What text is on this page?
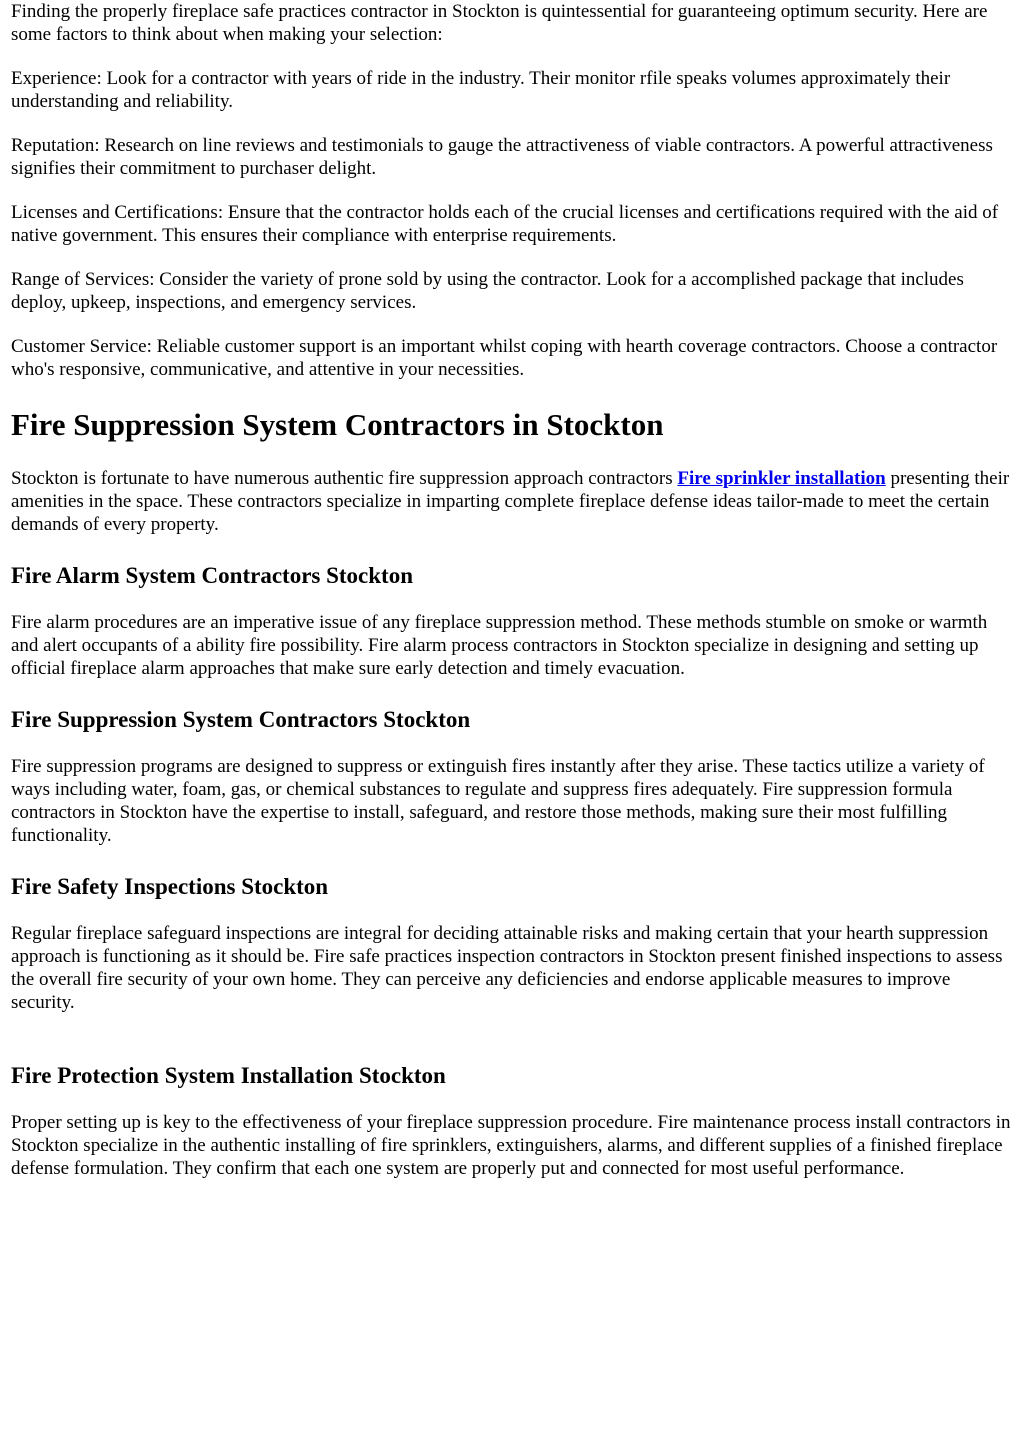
Finding the properly fireplace safe practices contractor in Stockton is quintessential for guaranteeing optimum security. Here are some factors to think about when making your selection:

Experience: Look for a contractor with years of ride in the industry. Their monitor rfile speaks volumes approximately their understanding and reliability.

Reputation: Research on line reviews and testimonials to gauge the attractiveness of viable contractors. A powerful attractiveness signifies their commitment to purchaser delight.

Licenses and Certifications: Ensure that the contractor holds each of the crucial licenses and certifications required with the aid of native government. This ensures their compliance with enterprise requirements.

Range of Services: Consider the variety of prone sold by using the contractor. Look for a accomplished package that includes deploy, upkeep, inspections, and emergency services.

Customer Service: Reliable customer support is an important whilst coping with hearth coverage contractors. Choose a contractor who's responsive, communicative, and attentive in your necessities.

Fire Suppression System Contractors in Stockton

Stockton is fortunate to have numerous authentic fire suppression approach contractors Fire sprinkler installation presenting their amenities in the space. These contractors specialize in imparting complete fireplace defense ideas tailor-made to meet the certain demands of every property.

Fire Alarm System Contractors Stockton

Fire alarm procedures are an imperative issue of any fireplace suppression method. These methods stumble on smoke or warmth and alert occupants of a ability fire possibility. Fire alarm process contractors in Stockton specialize in designing and setting up official fireplace alarm approaches that make sure early detection and timely evacuation.

Fire Suppression System Contractors Stockton

Fire suppression programs are designed to suppress or extinguish fires instantly after they arise. These tactics utilize a variety of ways including water, foam, gas, or chemical substances to regulate and suppress fires adequately. Fire suppression formula contractors in Stockton have the expertise to install, safeguard, and restore those methods, making sure their most fulfilling functionality.

Fire Safety Inspections Stockton

Regular fireplace safeguard inspections are integral for deciding attainable risks and making certain that your hearth suppression approach is functioning as it should be. Fire safe practices inspection contractors in Stockton present finished inspections to assess the overall fire security of your own home. They can perceive any deficiencies and endorse applicable measures to improve security.

Fire Protection System Installation Stockton

Proper setting up is key to the effectiveness of your fireplace suppression procedure. Fire maintenance process install contractors in Stockton specialize in the authentic installing of fire sprinklers, extinguishers, alarms, and different supplies of a finished fireplace defense formulation. They confirm that each one system are properly put and connected for most useful performance.
